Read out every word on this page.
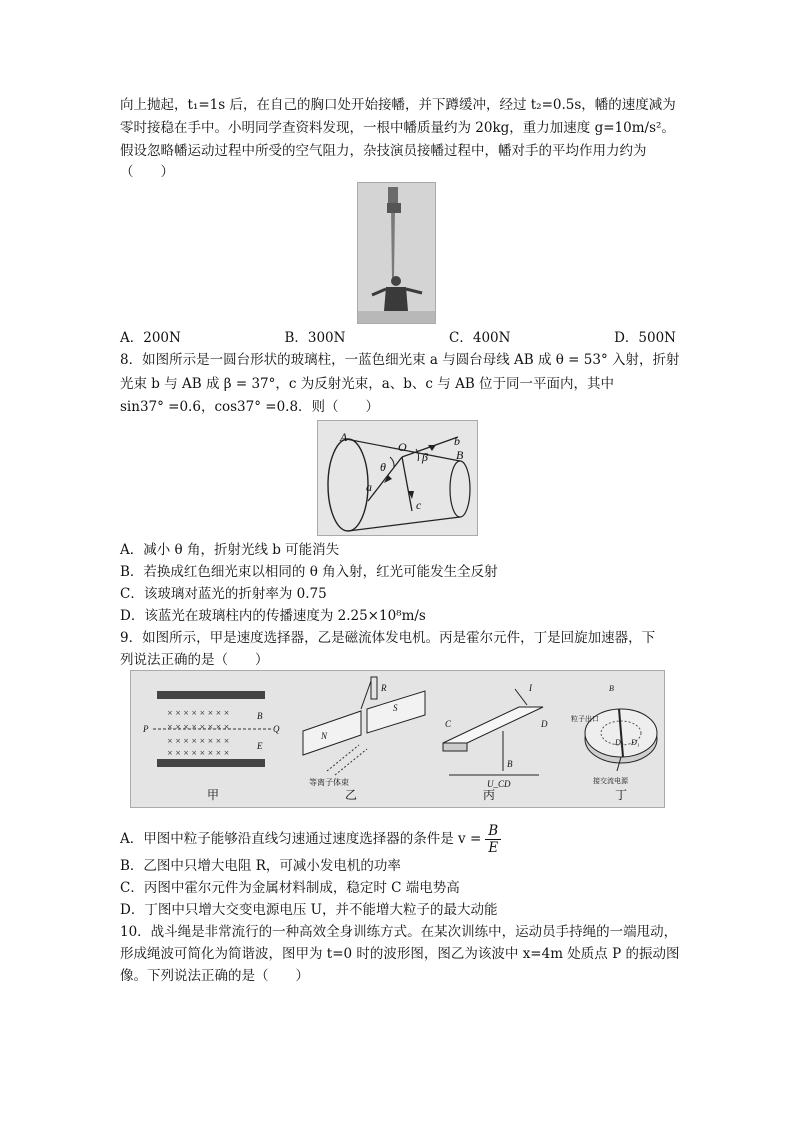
向上抛起，t₁=1s 后，在自己的胸口处开始接幡，并下蹲缓冲，经过 t₂=0.5s，幡的速度减为
零时接稳在手中。小明同学查资料发现，一根中幡质量约为 20kg，重力加速度 g=10m/s²。
假设忽略幡运动过程中所受的空气阻力，杂技演员接幡过程中，幡对手的平均作用力约为
（　　）
A．200N	B．300N	C．400N	D．500N
8．如图所示是一圆台形状的玻璃柱，一蓝色细光束 a 与圆台母线 AB 成 θ = 53° 入射，折射
光束 b 与 AB 成 β = 37°，c 为反射光束，a、b、c 与 AB 位于同一平面内，其中
sin37° =0.6，cos37° =0.8．则（　　）
A
O
θ
β B
a
b
c
A．减小 θ 角，折射光线 b 可能消失
B．若换成红色细光束以相同的 θ 角入射，红光可能发生全反射
C．该玻璃对蓝光的折射率为 0.75
D．该蓝光在玻璃柱内的传播速度为 2.25×10⁸m/s
9．如图所示，甲是速度选择器，乙是磁流体发电机。丙是霍尔元件，丁是回旋加速器，下
列说法正确的是（　　）
× × × × × × × ×
× × × × × × × ×
× × × × × × × ×
× × × × × × × ×
P	Q
B
E
N
S
R
等离子体束
C	D
I
B
U_CD
B
D₂ D₁
粒子出口
接交流电源
甲	乙	丙	丁
A．甲图中粒子能够沿直线匀速通过速度选择器的条件是 $v = \frac{B}{E}$
B．乙图中只增大电阻 R，可减小发电机的功率
C．丙图中霍尔元件为金属材料制成，稳定时 C 端电势高
D．丁图中只增大交变电源电压 U，并不能增大粒子的最大动能
10．战斗绳是非常流行的一种高效全身训练方式。在某次训练中，运动员手持绳的一端甩动，
形成绳波可简化为简谐波，图甲为 t=0 时的波形图，图乙为该波中 x=4m 处质点 P 的振动图
像。下列说法正确的是（　　）
